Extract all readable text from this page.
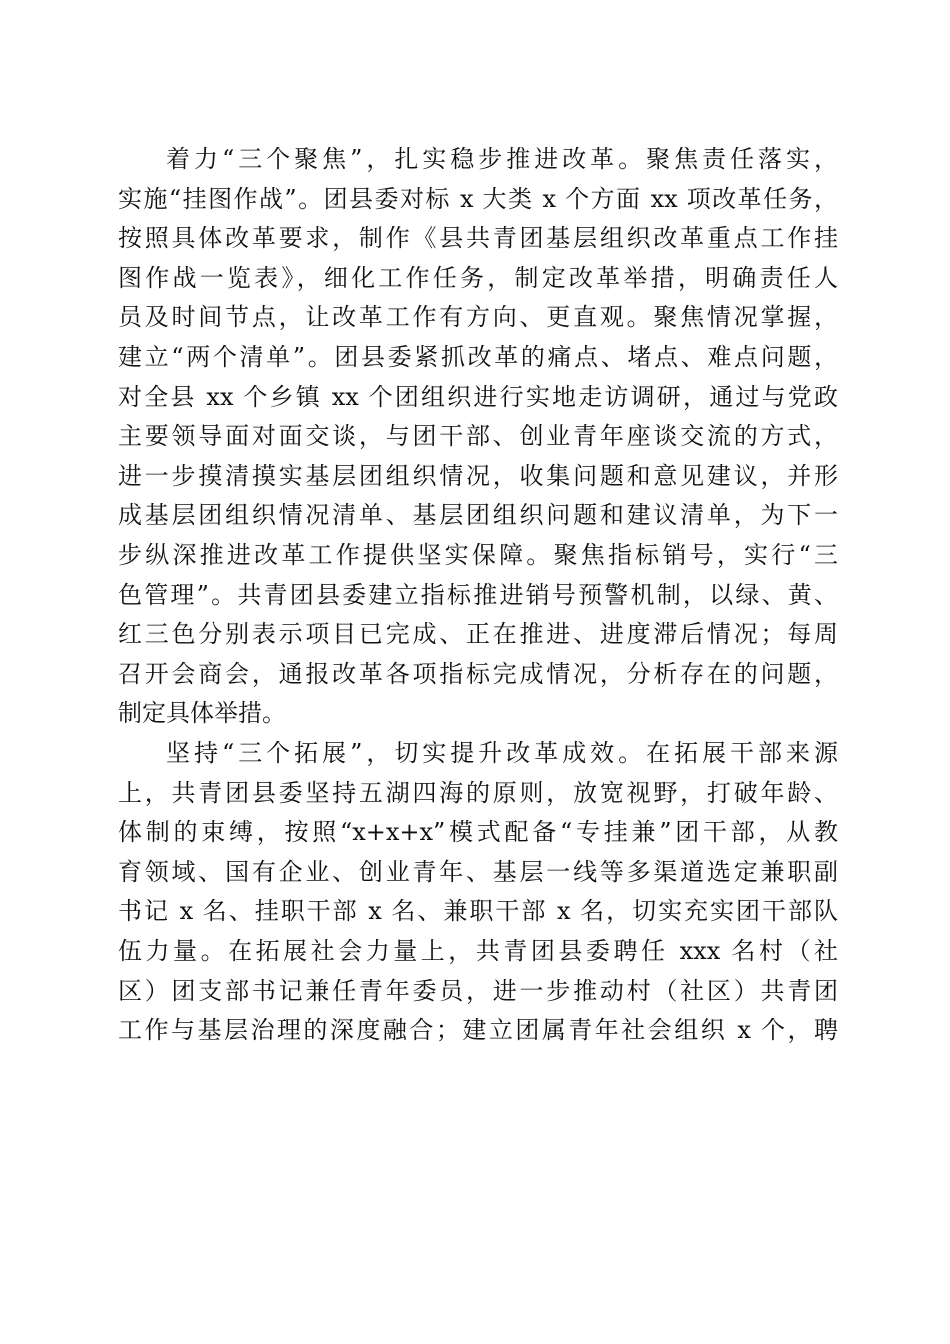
着力“三个聚焦”，扎实稳步推进改革。聚焦责任落实，
实施“挂图作战”。团县委对标 x 大类 x 个方面 xx 项改革任务，
按照具体改革要求，制作《县共青团基层组织改革重点工作挂
图作战一览表》，细化工作任务，制定改革举措，明确责任人
员及时间节点，让改革工作有方向、更直观。聚焦情况掌握，
建立“两个清单”。团县委紧抓改革的痛点、堵点、难点问题，
对全县 xx 个乡镇 xx 个团组织进行实地走访调研，通过与党政
主要领导面对面交谈，与团干部、创业青年座谈交流的方式，
进一步摸清摸实基层团组织情况，收集问题和意见建议，并形
成基层团组织情况清单、基层团组织问题和建议清单，为下一
步纵深推进改革工作提供坚实保障。聚焦指标销号，实行“三
色管理”。共青团县委建立指标推进销号预警机制，以绿、黄、
红三色分别表示项目已完成、正在推进、进度滞后情况；每周
召开会商会，通报改革各项指标完成情况，分析存在的问题，
制定具体举措。
坚持“三个拓展”，切实提升改革成效。在拓展干部来源
上，共青团县委坚持五湖四海的原则，放宽视野，打破年龄、
体制的束缚，按照“x+x+x”模式配备“专挂兼”团干部，从教
育领域、国有企业、创业青年、基层一线等多渠道选定兼职副
书记 x 名、挂职干部 x 名、兼职干部 x 名，切实充实团干部队
伍力量。在拓展社会力量上，共青团县委聘任 xxx 名村（社
区）团支部书记兼任青年委员，进一步推动村（社区）共青团
工作与基层治理的深度融合；建立团属青年社会组织 x 个，聘
